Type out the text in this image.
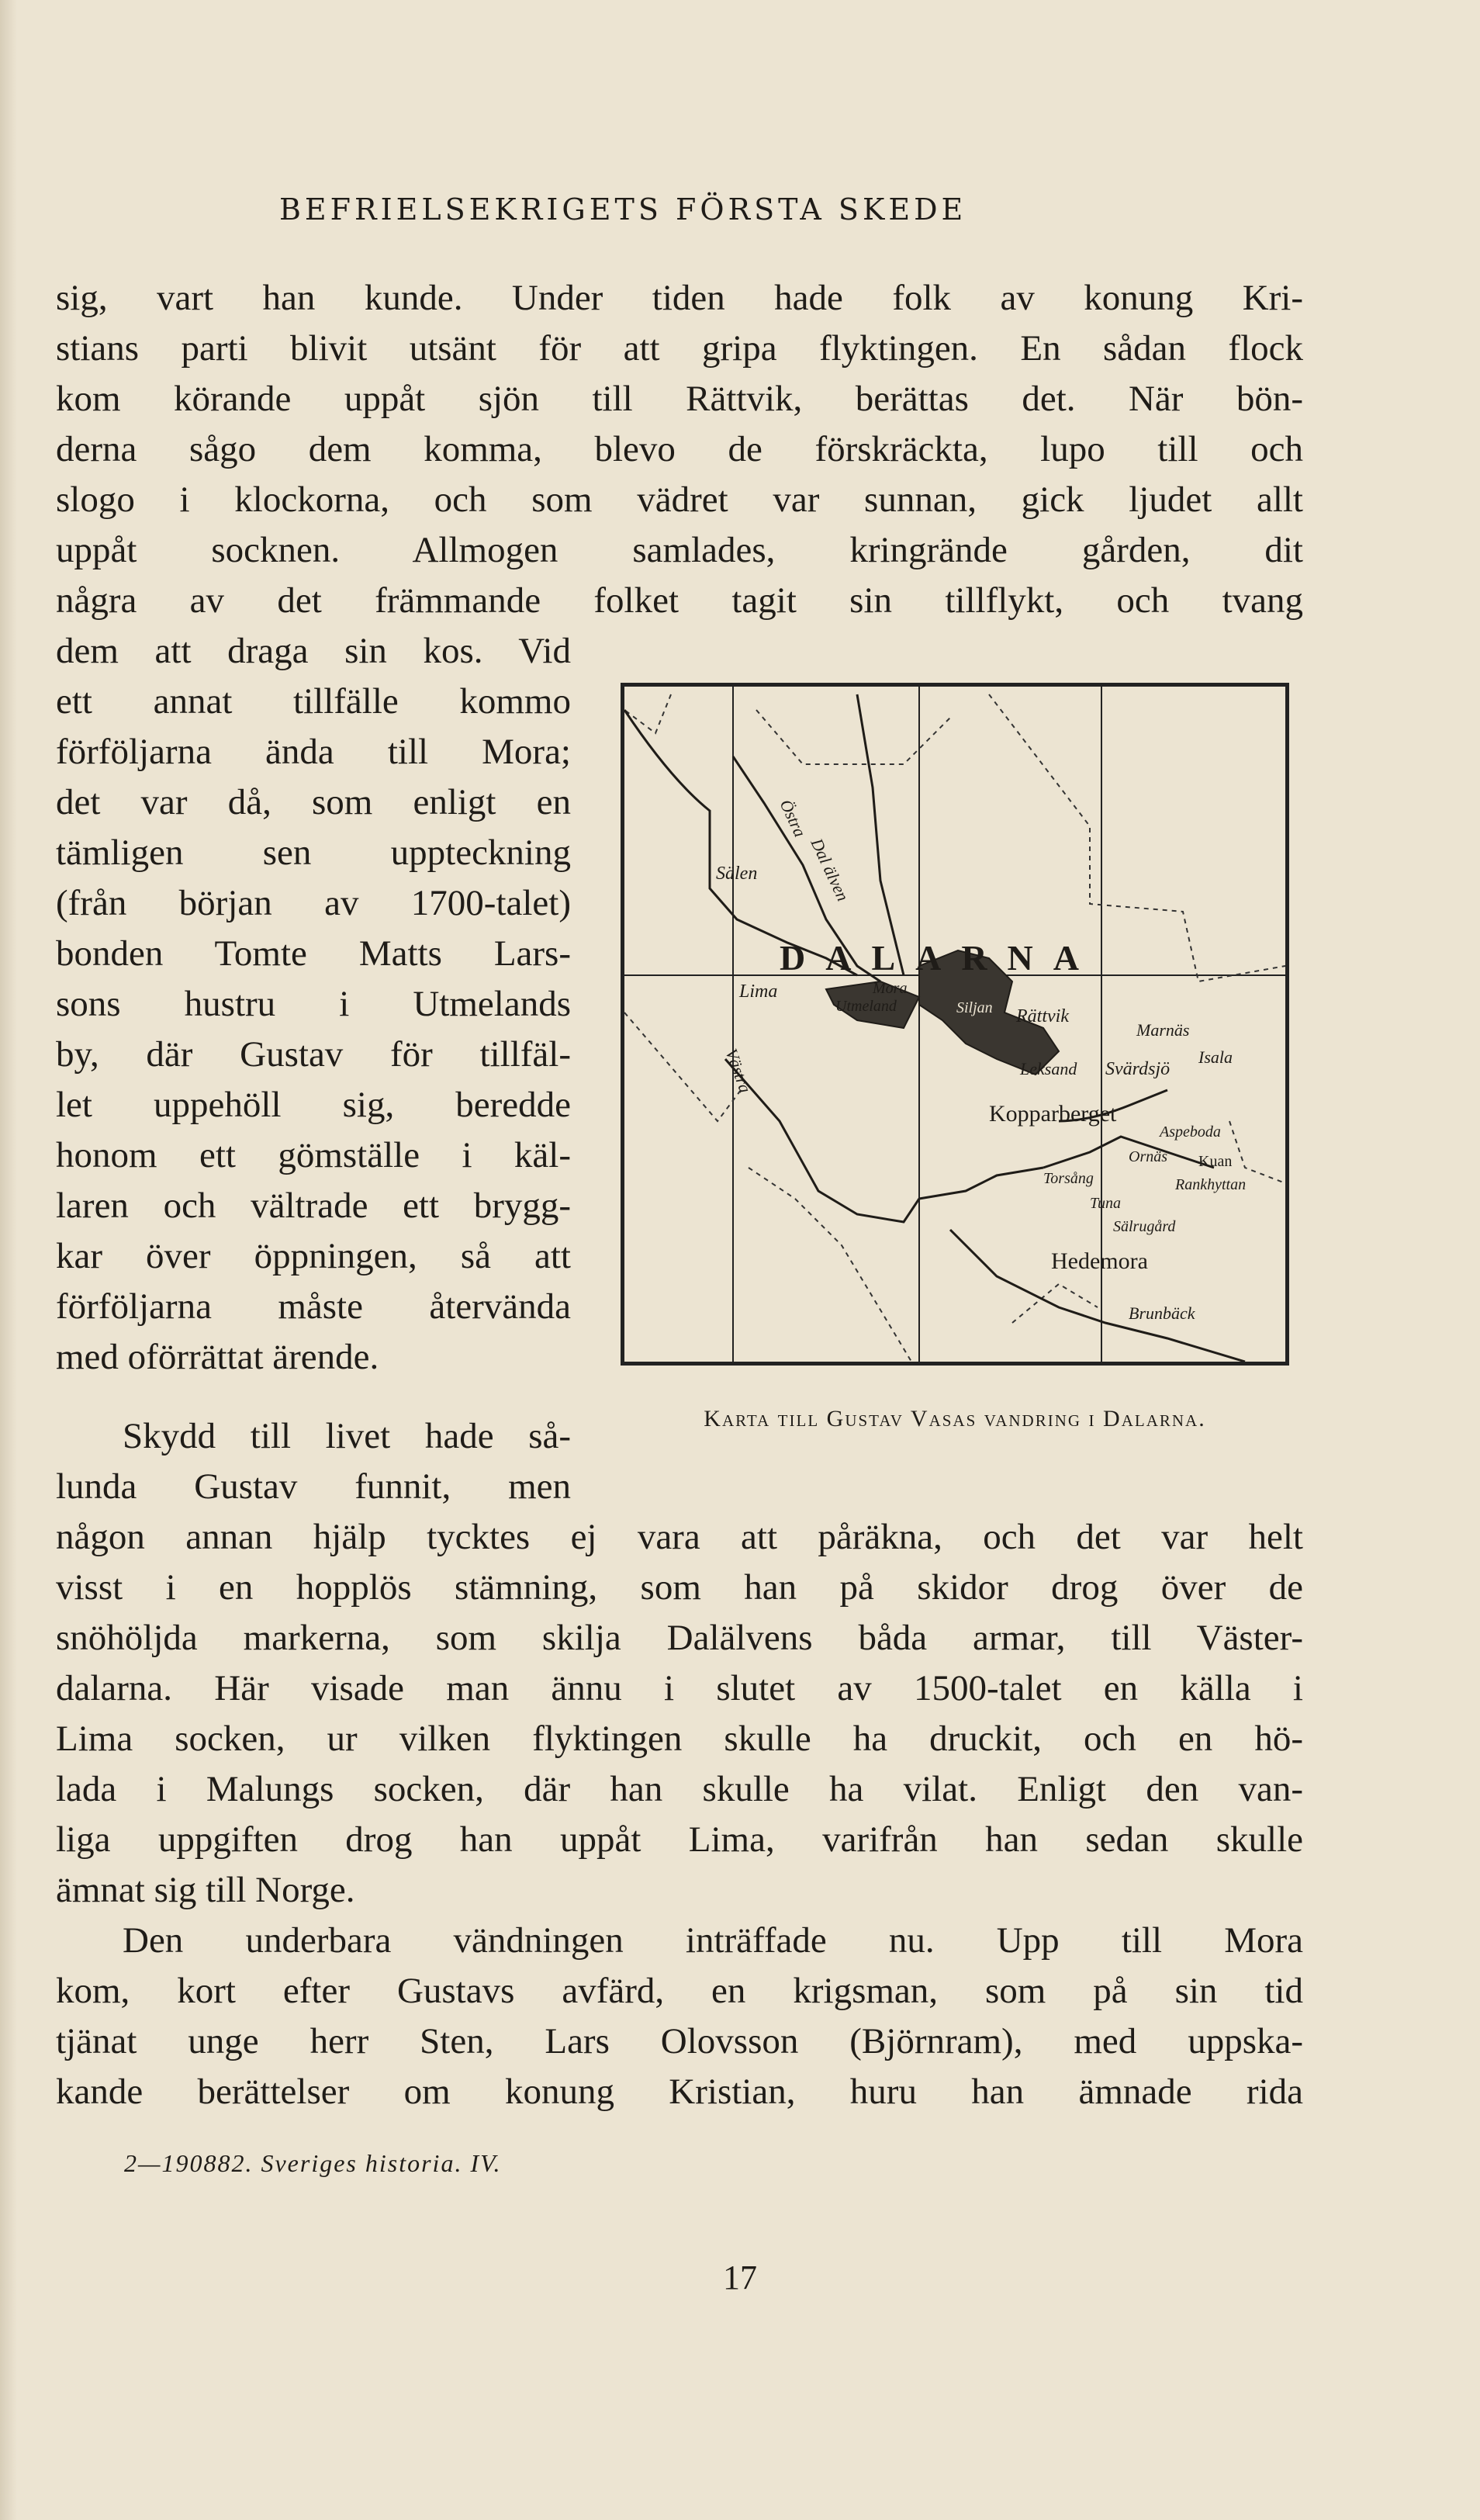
BEFRIELSEKRIGETS FÖRSTA SKEDE

sig, vart han kunde. Under tiden hade folk av konung Kri-
stians parti blivit utsänt för att gripa flyktingen. En sådan flock
kom körande uppåt sjön till Rättvik, berättas det. När bön-
derna sågo dem komma, blevo de förskräckta, lupo till och
slogo i klockorna, och som vädret var sunnan, gick ljudet allt
uppåt socknen. Allmogen samlades, kringrände gården, dit
några av det främmande folket tagit sin tillflykt, och tvang

dem att draga sin kos. Vid
ett annat tillfälle kommo
förföljarna ända till Mora;
det var då, som enligt en
tämligen sen uppteckning
(från början av 1700-talet)
bonden Tomte Matts Lars-
sons hustru i Utmelands
by, där Gustav för tillfäl-
let uppehöll sig, beredde
honom ett gömställe i käl-
laren och vältrade ett brygg-
kar över öppningen, så att
förföljarna måste återvända
med oförrättat ärende.

Skydd till livet hade så-
lunda Gustav funnit, men

någon annan hjälp tycktes ej vara att påräkna, och det var helt
visst i en hopplös stämning, som han på skidor drog över de
snöhöljda markerna, som skilja Dalälvens båda armar, till Väster-
dalarna. Här visade man ännu i slutet av 1500-talet en källa i
Lima socken, ur vilken flyktingen skulle ha druckit, och en hö-
lada i Malungs socken, där han skulle ha vilat. Enligt den van-
liga uppgiften drog han uppåt Lima, varifrån han sedan skulle
ämnat sig till Norge.

Den underbara vändningen inträffade nu. Upp till Mora
kom, kort efter Gustavs avfärd, en krigsman, som på sin tid
tjänat unge herr Sten, Lars Olovsson (Björnram), med uppska-
kande berättelser om konung Kristian, huru han ämnade rida

DALARNA
Sälen
Lima	Mora
Utmeland	Siljan Rättvik
Marnäs
Isala
Leksand Svärdsjö
Kopparberget
Aspeboda
Ornäs Kuan
Torsång	Rankhyttan
Tuna
Sälrugård
Hedemora
Brunbäck
Östra
Dal älven
Västra
Karta till Gustav Vasas vandring i Dalarna.
2—190882. Sveriges historia. IV.
17
